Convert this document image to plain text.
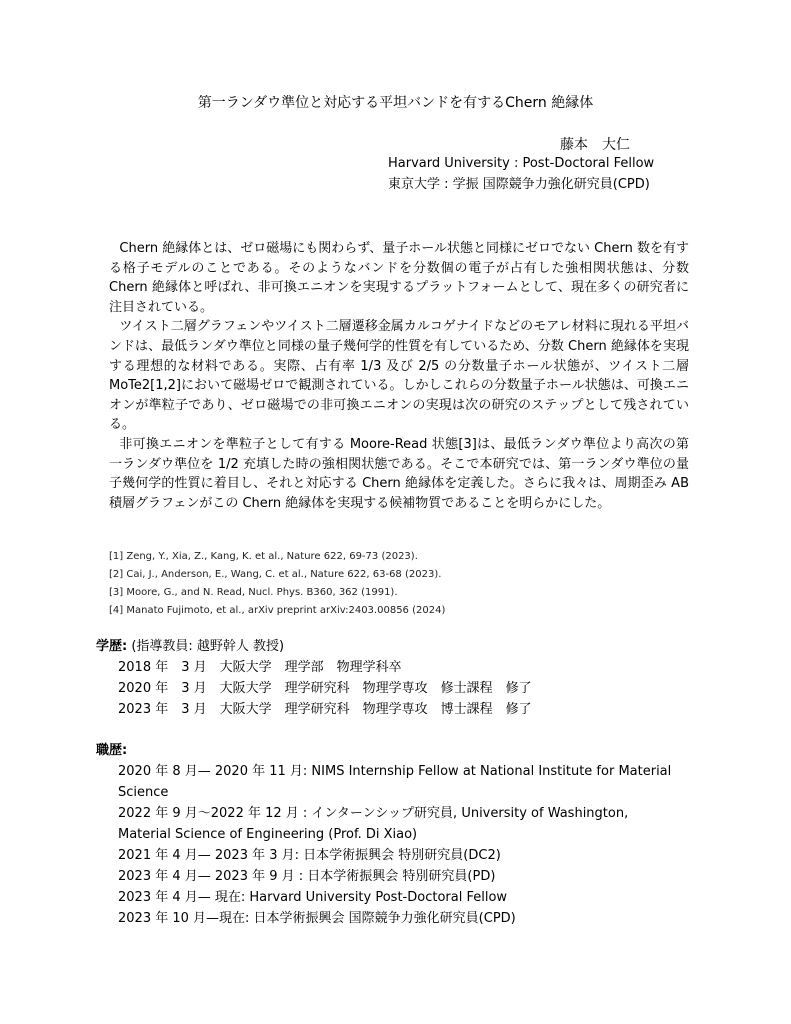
第一ランダウ準位と対応する平坦バンドを有するChern 絶縁体
藤本　大仁
Harvard University : Post-Doctoral Fellow
東京大学 : 学振 国際競争力強化研究員(CPD)

Chern 絶縁体とは、ゼロ磁場にも関わらず、量子ホール状態と同様にゼロでない Chern 数を有する格子モデルのことである。そのようなバンドを分数個の電子が占有した強相関状態は、分数 Chern 絶縁体と呼ばれ、非可換エニオンを実現するプラットフォームとして、現在多くの研究者に注目されている。

ツイスト二層グラフェンやツイスト二層遷移金属カルコゲナイドなどのモアレ材料に現れる平坦バンドは、最低ランダウ準位と同様の量子幾何学的性質を有しているため、分数 Chern 絶縁体を実現する理想的な材料である。実際、占有率 1/3 及び 2/5 の分数量子ホール状態が、ツイスト二層 MoTe2[1,2]において磁場ゼロで観測されている。しかしこれらの分数量子ホール状態は、可換エニオンが準粒子であり、ゼロ磁場での非可換エニオンの実現は次の研究のステップとして残されている。

非可換エニオンを準粒子として有する Moore-Read 状態[3]は、最低ランダウ準位より高次の第一ランダウ準位を 1/2 充填した時の強相関状態である。そこで本研究では、第一ランダウ準位の量子幾何学的性質に着目し、それと対応する Chern 絶縁体を定義した。さらに我々は、周期歪み AB 積層グラフェンがこの Chern 絶縁体を実現する候補物質であることを明らかにした。

[1] Zeng, Y., Xia, Z., Kang, K. et al., Nature 622, 69-73 (2023).
[2] Cai, J., Anderson, E., Wang, C. et al., Nature 622, 63-68 (2023).
[3] Moore, G., and N. Read, Nucl. Phys. B360, 362 (1991).
[4] Manato Fujimoto, et al., arXiv preprint arXiv:2403.00856 (2024)
学歴: (指導教員: 越野幹人 教授)
2018 年　3 月　大阪大学　理学部　物理学科卒
2020 年　3 月　大阪大学　理学研究科　物理学専攻　修士課程　修了
2023 年　3 月　大阪大学　理学研究科　物理学専攻　博士課程　修了
職歴:
2020 年 8 月— 2020 年 11 月: NIMS Internship Fellow at National Institute for Material Science
2022 年 9 月～2022 年 12 月 : インターンシップ研究員, University of Washington, Material Science of Engineering (Prof. Di Xiao)
2021 年 4 月— 2023 年 3 月: 日本学術振興会 特別研究員(DC2)
2023 年 4 月— 2023 年 9 月 : 日本学術振興会 特別研究員(PD)
2023 年 4 月— 現在: Harvard University Post-Doctoral Fellow
2023 年 10 月—現在: 日本学術振興会 国際競争力強化研究員(CPD)
